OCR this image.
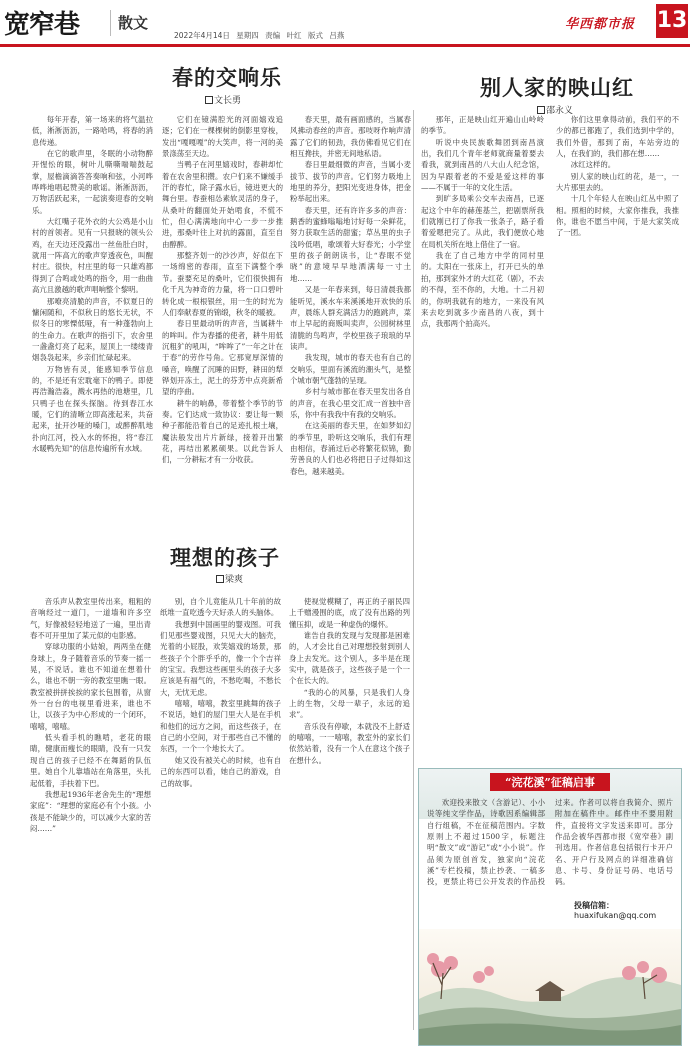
宽窄巷	散文
2022年4月14日 星期四 责编 叶红 版式 吕燕
华西都市报 13
春的交响乐
文长勇
别人家的映山红
邵永义

每年开春，第一场来的将气温拉低，淅淅沥沥，一路哈鸣，将春的消息传递。

在它的歌声里，冬眠的小动物醉开惺忪的眼，树叶儿嘶嘶喘喘鼓起掌，屋檐滴滴答答奏响和弦，小河哗哗哗地唱起赞美的歌谣。淅淅沥沥，万物活跃起来，一起演奏迎春的交响乐。

大红嘴子花外衣的大公鸡是小山村的首领者。见有一只报晓的领头公鸡，在天边还没露出一丝鱼肚白时，就用一阵高亢的歌声穿透夜色，叫醒村庄。很快，村庄里的每一只雄鸡都得到了合鸣或处鸣的指令，用一曲曲高亢且激越的歌声唱响整个黎明。

那嘹亮清脆的声音，不似夏日的慵闲随和，不似秋日的悠长无状，不似冬日的寒慄低哑，有一种蓬勃向上的生命力。在歌声的指引下，农舍里一盏盏灯亮了起来，屋顶上一缕缕青烟袅袅起来，乡亲们忙碌起来。

万物皆有灵，能感知季节信息的，不是还有宏耽毫下的鸭子。即使再浩瀚浩淼，溅水再热的池塘里，几只鸭子也在探头探脑。待到春江水暖，它们的清晰立即高涨起来，共奋起来，扯开沙哑的嗓门，或醉醉肌地扑向江河，投入水的怀抱，将“春江水暖鸭先知”的信息传遍所有水域。

它们在镜满腔光的河面嬉戏追逐；它们在一棵棵树的倒影里穿梭，发出“嘎嘎嘎”的大笑声，将一河的美景涤荡至天边。

当鸭子在河里嬉戏时，春耕却忙着在农舍里积攒。农户们来不嫌缓手汗的春忙，除子露水后，镜进更大的舞台里。春蚕相怂素软灵活的身子，从桑叶的翻面处开始啃食，不慌不忙，但心满满地向中心一步一步推进，那桑叶往上对抗的露面，直至自由醇醉。

那整齐划一的沙沙声，好似在下一场绵密的春雨，直至下满整个季节。蚕要充足的桑叶，它们很快拥有化千凡为神奇的力量，将一口口碧叶转化成一根根银丝，用一生的时光为人们奉献春夏的锦缎，秋冬的暖被。

春日里最动听的声音，当属耕牛的哞叫。作为春播的使者，耕牛用低沉粗犷的吼叫，“哞哞了”一年之计在于春”的劳作号角。它那宽厚深情的嗓音，唤醒了沉睡的田野，耕田的犁铧划开冻土，泥土的芬芳中点亮新希望的序曲。

耕牛的响鼻，带着整个季节的节奏。它们达成一致协议：要让每一颗种子都能沿着自己的足迹扎根土壤，魔法般发出片片新绿，接着开出繁花，再结出累累硕果。以此告诉人们，一分耕耘才有一分收获。

春天里，最有画面感的，当属春风拂动春丝的声音。那吱呀作响声清露了它们的韧劲，我仿佛看见它们在相互搀扶，并密无间地私语。

春日里最细微的声音，当属小麦拔节、拔节的声音。它们努力吸地上地里的养分，把阳光变进身体，把金粉举起出来。

春天里，还有许许多多的声音：鹅香的蜜蜂嗡嗡地讨好每一朵鲜花，努力获取生活的甜蜜；草丛里的虫子浅吟低唱，歌颂着大好春光；小学堂里的孩子朗朗读书，让“春眠不觉晓”的意境早早地洒满每一寸土地……

又是一年春来到，每日清晨我都能听见，溪水车来溪溪地开欢快的乐声，晨练人群充满活力的跑跳声，菜市上早起的商贩叫卖声，公园树林里清脆的鸟鸣声，学校里孩子琅琅的早读声。

我发现，城市的春天也有自己的交响乐，里面有溪流的潮头气，是整个城市朝气蓬勃的呈现。

乡村与城市都在春天里发出各自的声音，在我心里交汇成一首独中音乐，你中有我我中有我的交响乐。

在这美丽的春天里，在如梦如幻的季节里，聆听这交响乐，我们有理由相信，春涌过后必将繁花似锦，勤劳善良的人们也必将把日子过得如这春色，越来越美。

那年，正是映山红开遍山山岭岭的季节。

听说中央民族歌舞团到南昌演出，我们几个青年老师就商量着要去看我，就到南昌的八大山人纪念馆，因为早跟着老的不爱是爱这样的事——不属于一年的文化生活。

到旷多局乘公交车去南昌，已逐起这个中年的赫莲基兰，把剧票所我们就刚已打了你我一张条子，路子看着爱嗯把完了。从此，我们便放心地在局机关所在地上借住了一宿。

我在了自己地方中学的同村里的。太阳在一张床上，打开已头的单拍，那到家外才的大红花（剧），不去的不得，至不你的，大地。十二月初的，你明我就有的地方，一来没有风来去吃到就多少南昌的八夜，到十点，我那两个拍高兴。

你们这里拿得动前，我们平的不少的都已都跑了，我们选到中学的，我们外借，那到了南，车站旁边的人，在我们的，我们都在想……

冰红这样的。

别人家的映山红的花，是一，一大片那里去的。

十几个年轻人在映山红丛中照了相。照相的时候，大家你推我，我推你，谁也不愿当中间，于是大家笑成了一团。

理想的孩子
梁爽

音乐声从教室里传出来，粗粗的音响经过一道门，一道墙和许多空气，好像被轻轻地送了一遍，里出青春不可开里加了某元似的屯影感。

穿球功服的小姑娘，两两坐在健身球上，身子随着音乐的节奏一摇一晃，不说话。谁也不知道在想着什么，谁也不朝一旁的教室里瞧一眼。教室被拼拼挨挨的家长包围着，从窗外一台台的电视里看进来，谁也不让，以孩子为中心形成的一个闭环，嘻嘻，嘻嘻。

低头看手机的瞧啃，老花的眼睛，健康而瘦长的眼睛，没有一只发现自己的孩子已经不在舞蹈的队伍里。她自个儿靠墙站在角落里，头扎起低着，手扶着下巴。

我想起1936年老舍先生的“理想家庭”：“理想的家庭必有个小孩。小孩是不能缺少的，可以减少大家的苦闷……”

别，自个儿竟能从几十年前的故纸堆一直吃透今天好杀人的头脑体。

我想到中国画里的婴戏图。可我们见那些婴戏图，只见大大的脑壳，光着的小屁股，欢笑嬉戏的场景，那些孩子个个胖乎乎的，像一个个吉祥的宝宝。我想这些画里头的孩子大多应该是有福气的，不愁吃喝，不愁长大，无忧无虑。

嘻嘻，嘻嘻，教室里跳舞的孩子不说话，她们的屋门里大人是在手机和他们的远方之间，而这些孩子，在自己的小空间，对于那些自己不懂的东西，一个一个地长大了。

她又没有被关心的时候，也有自己的东西可以看，她自己的游戏，自己的故事。

使视觉模糊了，再正的子丽民四上千赠漫围的底，成了没有出路的列懂压抑，或是一种虚伪的爆怀。

谁告自我的发现与发现都是困难的，人才会比自己对理想投射到别人身上去发光。这个别人，多半是在现实中，就是孩子，这些孩子是一个一个在长大的。

“我的心的风暴，只是我们人身上的生物，父母一辈子，永远的追求”。

音乐没有停歇，本就没不上舒适的嘻嘻，一一嘻嘻，教室外的家长们依然站着，没有一个人在意这个孩子在想什么。

“浣花溪”征稿启事

欢迎投来散文（含游记）、小小说等纯文学作品，诗歌因系编辑部自行组稿，不在征稿范围内。字数原则上不超过1500字，标题注明“散文”或“游记”或“小小说”。作品须为原创首发，独家向“浣花溪”专栏投稿，禁止抄袭、一稿多投，更禁止将已公开发表的作品投过来。作者可以将自我简介、照片附加在稿件中。邮件中不要用附件，直接将文字发送来即可。部分作品会被华西都市报《宽窄巷》副刊选用。作者信息包括银行卡开户名、开户行及网点的详细准确信息、卡号、身份证号码、电话号码。

投稿信箱：
huaxifukan@qq.com
